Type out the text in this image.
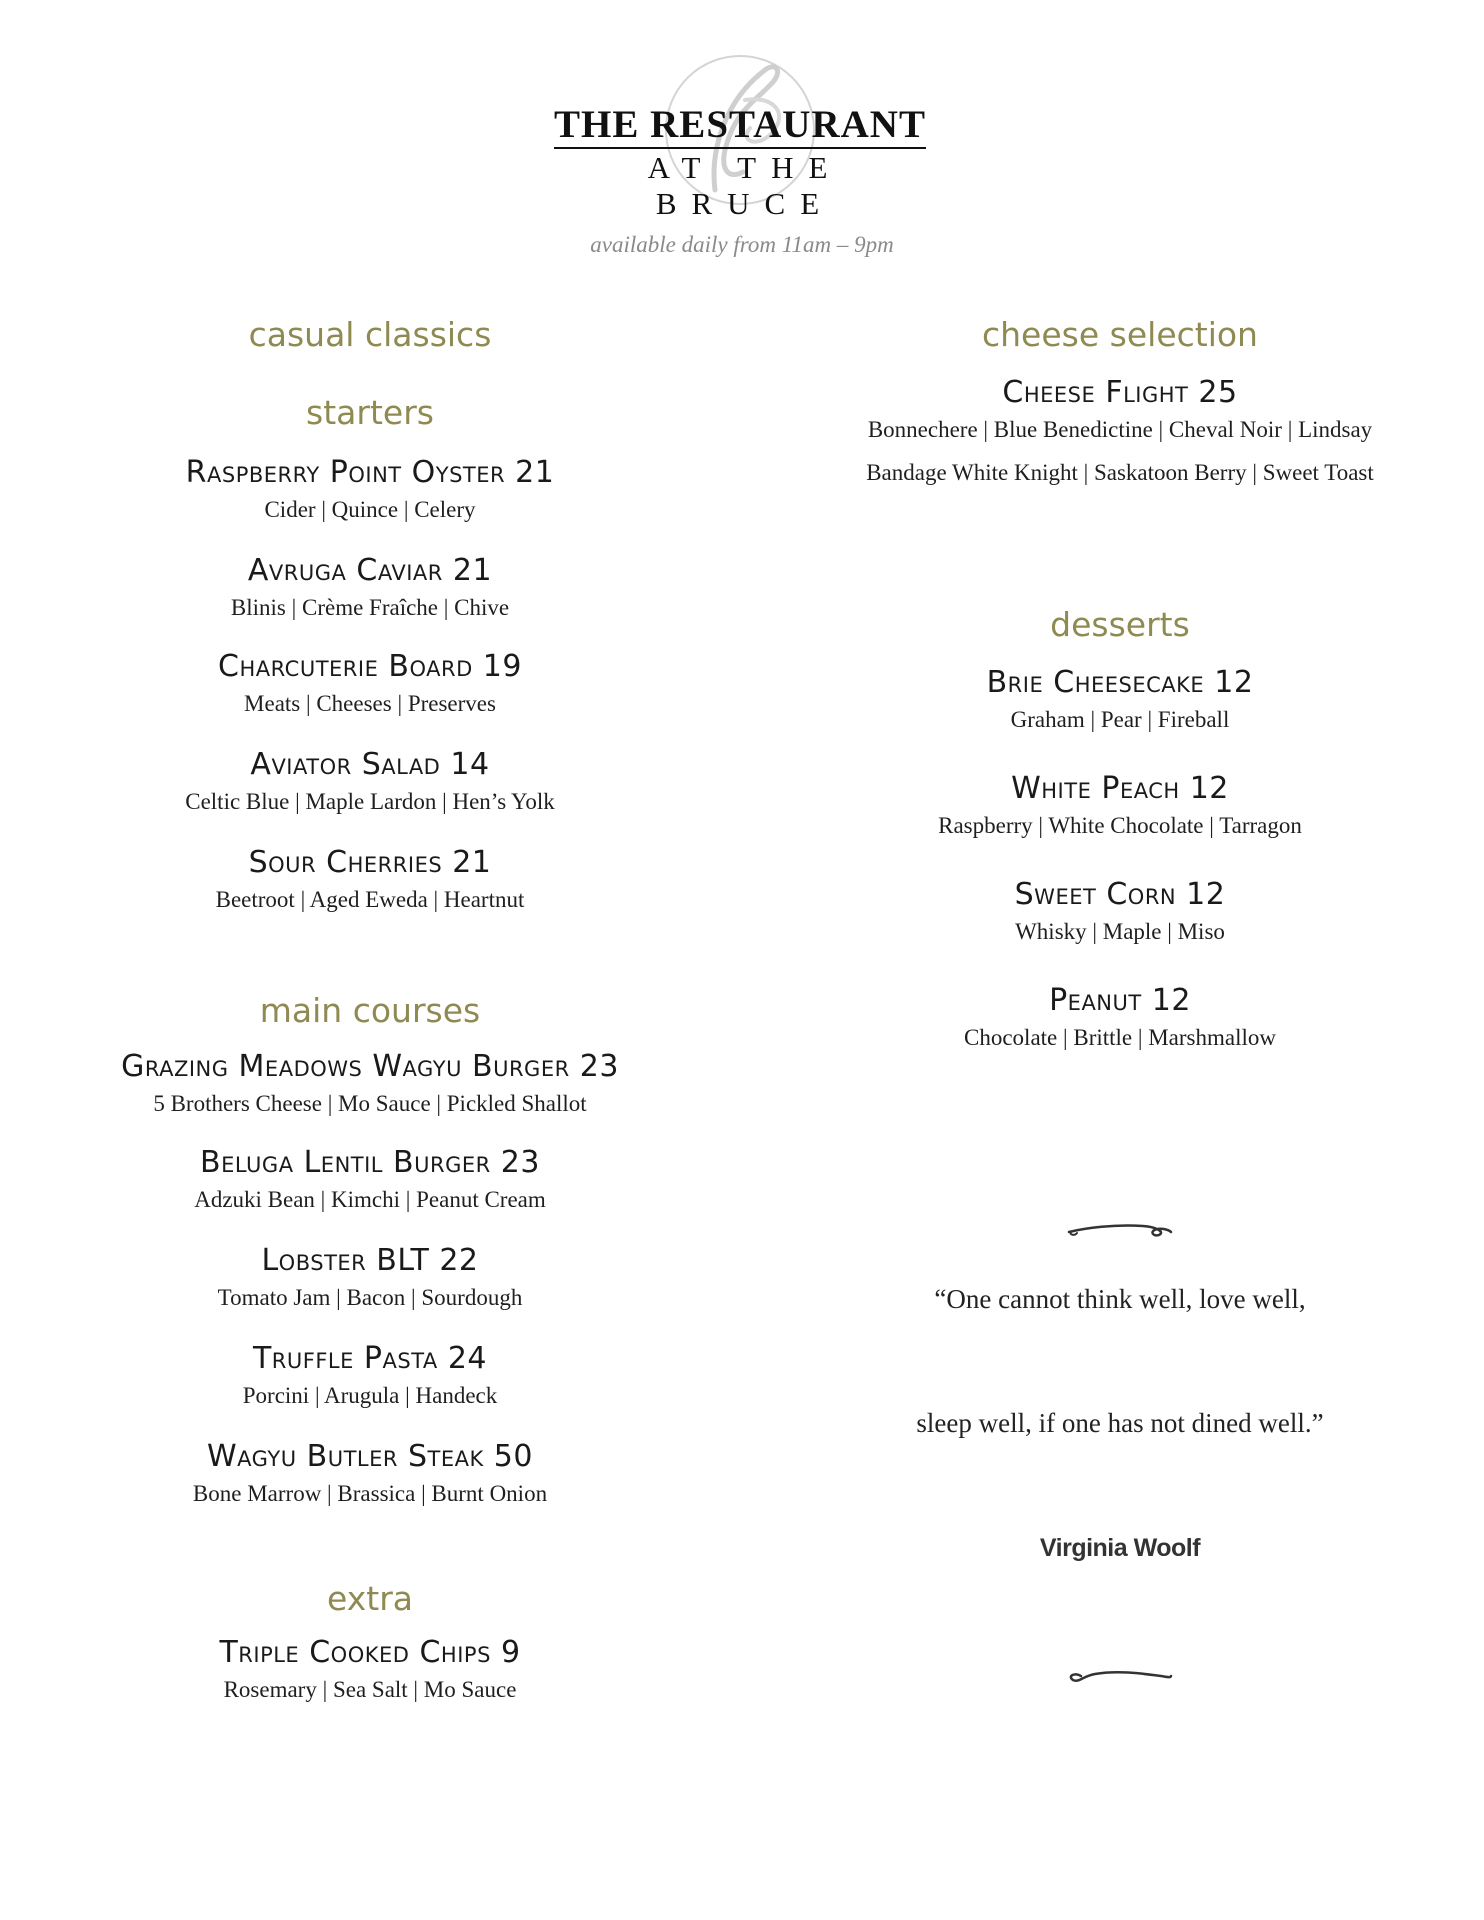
THE RESTAURANT
AT THE BRUCE
available daily from 11am – 9pm
casual classics
starters
Raspberry Point Oyster 21
Cider | Quince | Celery
Avruga Caviar 21
Blinis | Crème Fraîche | Chive
Charcuterie Board 19
Meats | Cheeses | Preserves
Aviator Salad 14
Celtic Blue | Maple Lardon | Hen’s Yolk
Sour Cherries 21
Beetroot | Aged Eweda | Heartnut
main courses
Grazing Meadows Wagyu Burger 23
5 Brothers Cheese | Mo Sauce | Pickled Shallot
Beluga Lentil Burger 23
Adzuki Bean | Kimchi | Peanut Cream
Lobster BLT 22
Tomato Jam | Bacon | Sourdough
Truffle Pasta 24
Porcini | Arugula | Handeck
Wagyu Butler Steak 50
Bone Marrow | Brassica | Burnt Onion
extra
Triple Cooked Chips 9
Rosemary | Sea Salt | Mo Sauce
cheese selection
Cheese Flight 25
Bonnechere | Blue Benedictine | Cheval Noir | Lindsay
Bandage White Knight | Saskatoon Berry | Sweet Toast
desserts
Brie Cheesecake 12
Graham | Pear | Fireball
White Peach 12
Raspberry | White Chocolate | Tarragon
Sweet Corn 12
Whisky | Maple | Miso
Peanut 12
Chocolate | Brittle | Marshmallow
“One cannot think well, love well,
sleep well, if one has not dined well.”
Virginia Woolf
